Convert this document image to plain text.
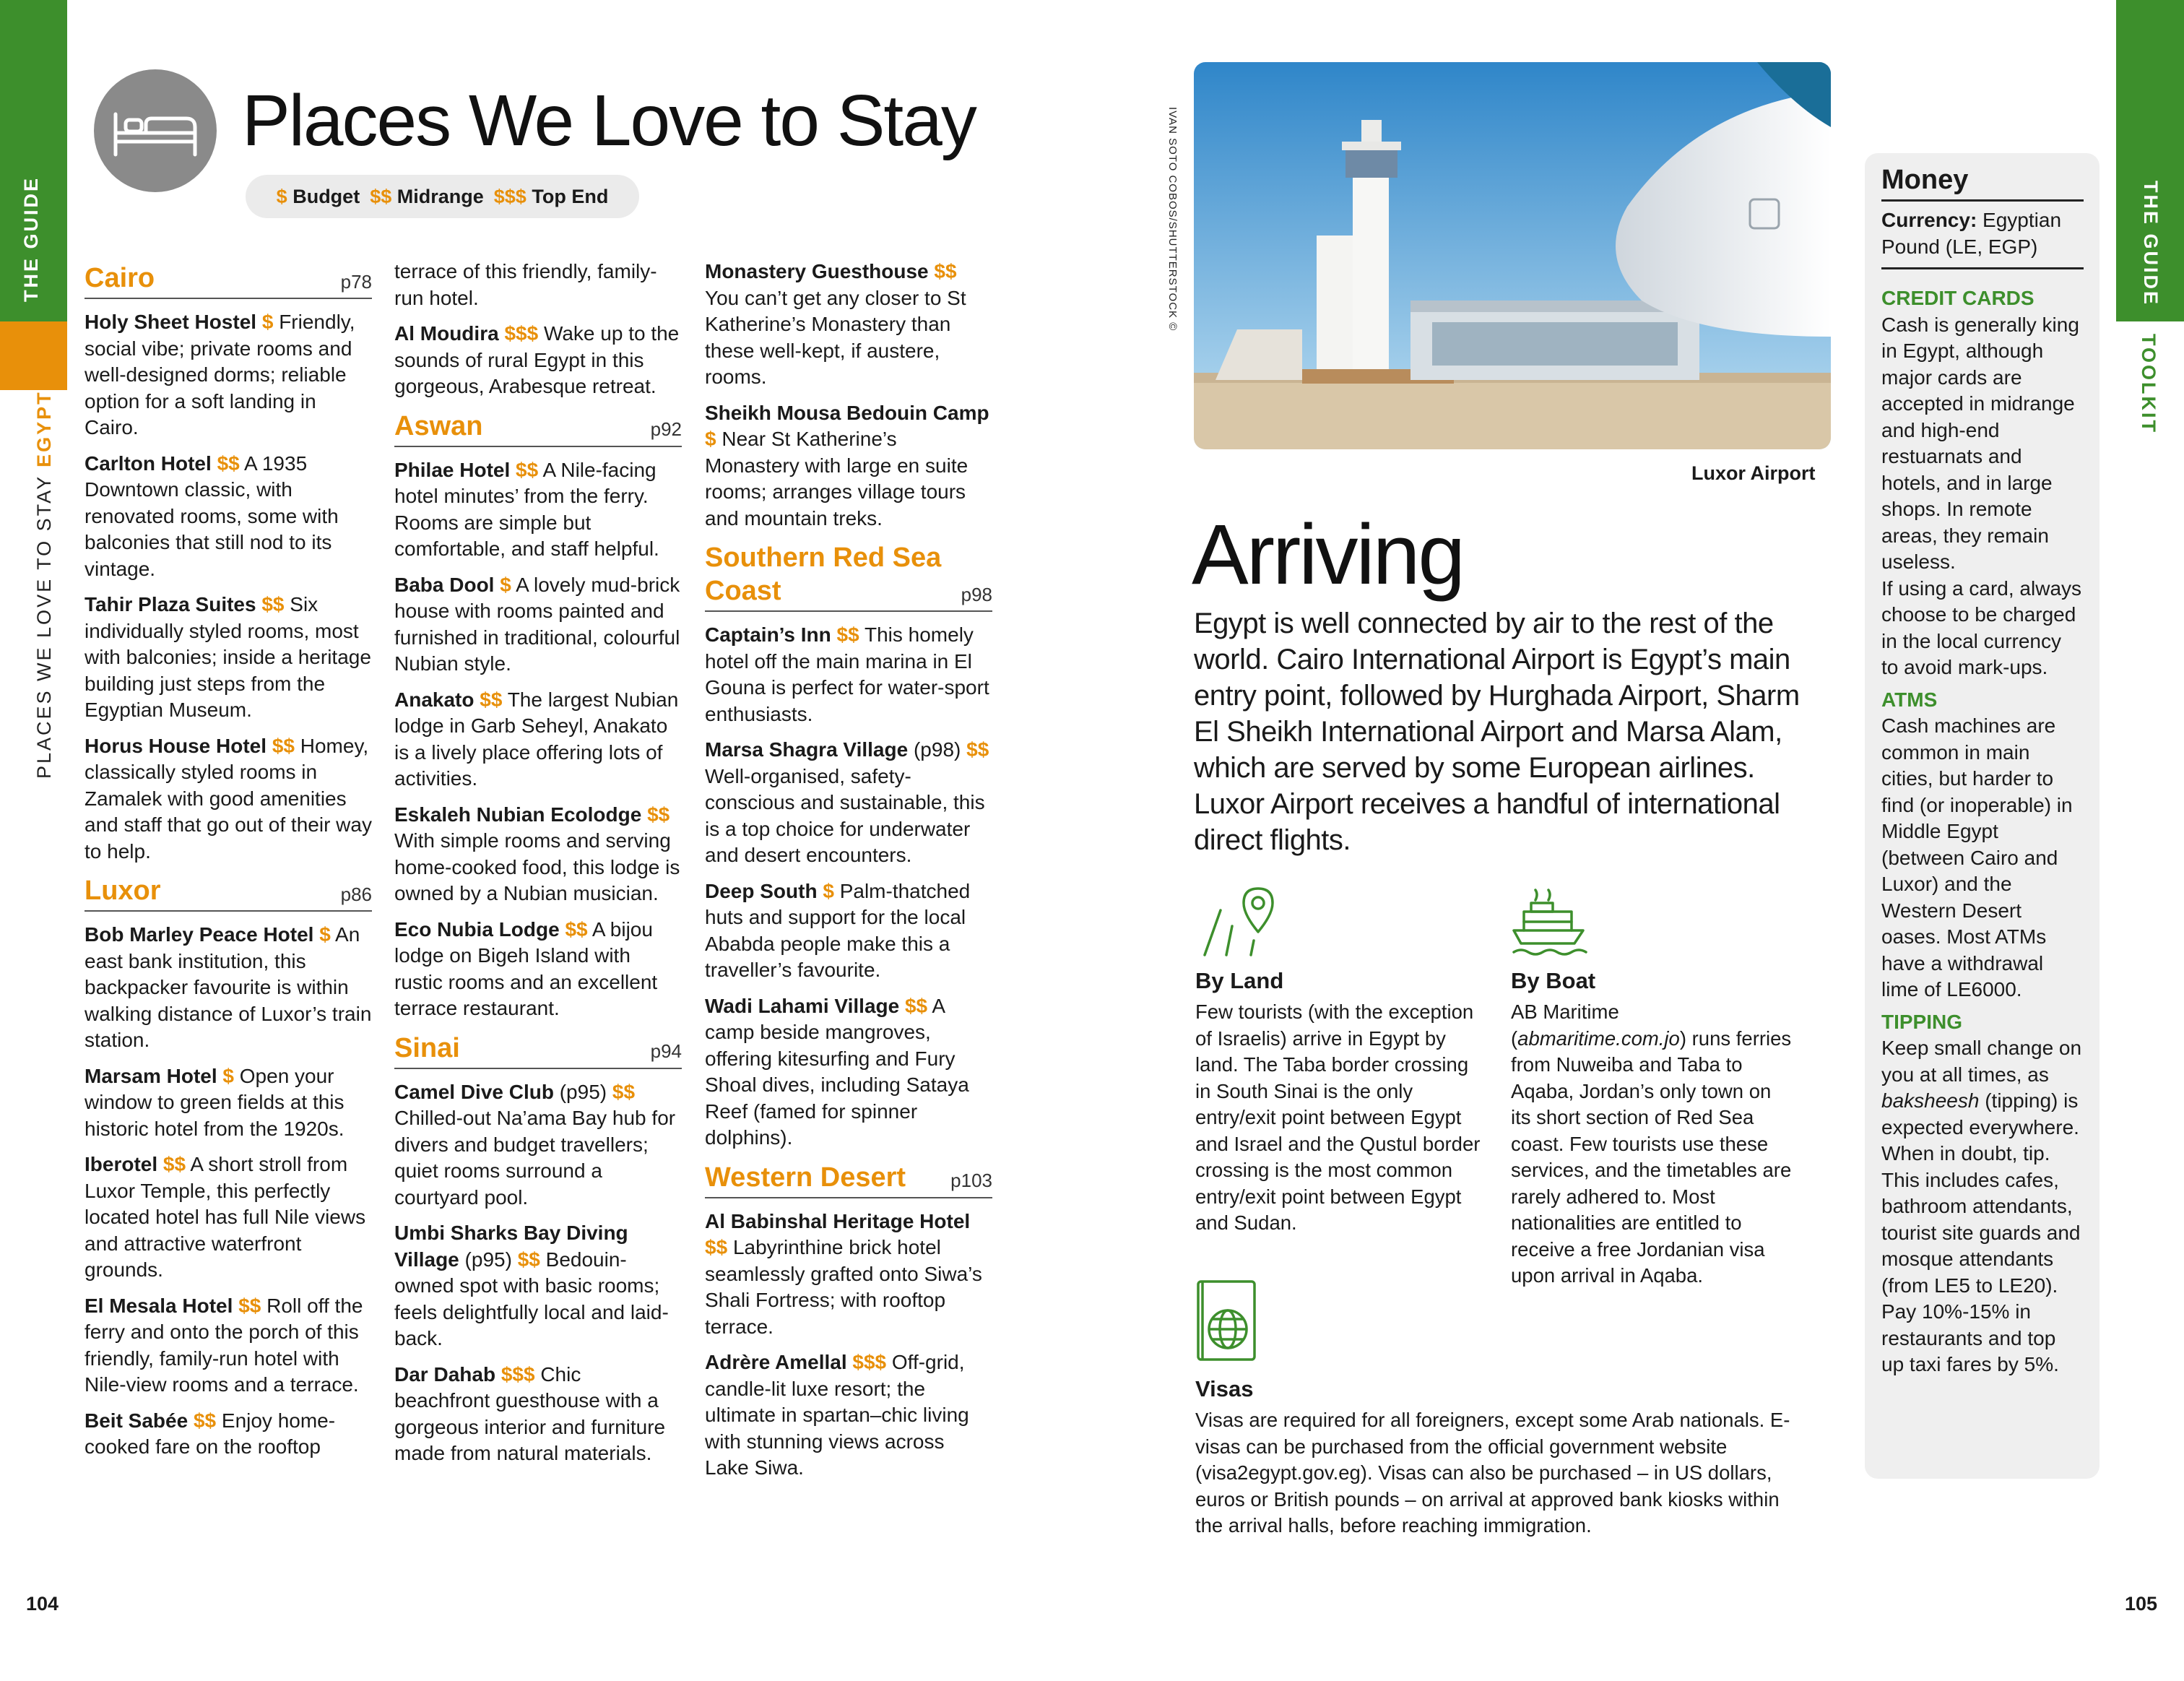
THE GUIDE
PLACES WE LOVE TO STAY EGYPT
THE GUIDE
TOOLKIT
Places We Love to Stay
$ Budget $$ Midrange $$$ Top End
Cairo	p78

Holy Sheet Hostel $ Friendly, social vibe; private rooms and well-designed dorms; reliable option for a soft landing in Cairo.

Carlton Hotel $$ A 1935 Downtown classic, with renovated rooms, some with balconies that still nod to its vintage.

Tahir Plaza Suites $$ Six individually styled rooms, most with balconies; inside a heritage building just steps from the Egyptian Museum.

Horus House Hotel $$ Homey, classically styled rooms in Zamalek with good amenities and staff that go out of their way to help.

Luxor	p86

Bob Marley Peace Hotel $ An east bank institution, this backpacker favourite is within walking distance of Luxor’s train station.

Marsam Hotel $ Open your window to green fields at this historic hotel from the 1920s.

Iberotel $$ A short stroll from Luxor Temple, this perfectly located hotel has full Nile views and attractive waterfront grounds.

El Mesala Hotel $$ Roll off the ferry and onto the porch of this friendly, family-run hotel with Nile-view rooms and a terrace.

Beit Sabée $$ Enjoy home-cooked fare on the rooftop

terrace of this friendly, family-run hotel.

Al Moudira $$$ Wake up to the sounds of rural Egypt in this gorgeous, Arabesque retreat.

Aswan	p92

Philae Hotel $$ A Nile-facing hotel minutes’ from the ferry. Rooms are simple but comfortable, and staff helpful.

Baba Dool $ A lovely mud-brick house with rooms painted and furnished in traditional, colourful Nubian style.

Anakato $$ The largest Nubian lodge in Garb Seheyl, Anakato is a lively place offering lots of activities.

Eskaleh Nubian Ecolodge $$ With simple rooms and serving home-cooked food, this lodge is owned by a Nubian musician.

Eco Nubia Lodge $$ A bijou lodge on Bigeh Island with rustic rooms and an excellent terrace restaurant.

Sinai	p94

Camel Dive Club (p95) $$ Chilled-out Na’ama Bay hub for divers and budget travellers; quiet rooms surround a courtyard pool.

Umbi Sharks Bay Diving Village (p95) $$ Bedouin-owned spot with basic rooms; feels delightfully local and laid-back.

Dar Dahab $$$ Chic beachfront guesthouse with a gorgeous interior and furniture made from natural materials.

Monastery Guesthouse $$ You can’t get any closer to St Katherine’s Monastery than these well-kept, if austere, rooms.

Sheikh Mousa Bedouin Camp $ Near St Katherine’s Monastery with large en suite rooms; arranges village tours and mountain treks.

Southern Red Sea Coast	p98

Captain’s Inn $$ This homely hotel off the main marina in El Gouna is perfect for water-sport enthusiasts.

Marsa Shagra Village (p98) $$ Well-organised, safety-conscious and sustainable, this is a top choice for underwater and desert encounters.

Deep South $ Palm-thatched huts and support for the local Ababda people make this a traveller’s favourite.

Wadi Lahami Village $$ A camp beside mangroves, offering kitesurfing and Fury Shoal dives, including Sataya Reef (famed for spinner dolphins).

Western Desert p103

Al Babinshal Heritage Hotel $$ Labyrinthine brick hotel seamlessly grafted onto Siwa’s Shali Fortress; with rooftop terrace.

Adrère Amellal $$$ Off-grid, candle-lit luxe resort; the ultimate in spartan–chic living with stunning views across Lake Siwa.

IVAN SOTO COBOS/SHUTTERSTOCK ©
Luxor Airport
Arriving
Egypt is well connected by air to the rest of the world. Cairo International Airport is Egypt’s main entry point, followed by Hurghada Airport, Sharm El Sheikh International Airport and Marsa Alam, which are served by some European airlines. Luxor Airport receives a handful of international direct flights.
By Land
Few tourists (with the exception of Israelis) arrive in Egypt by land. The Taba border crossing in South Sinai is the only entry/exit point between Egypt and Israel and the Qustul border crossing is the most common entry/exit point between Egypt and Sudan.
By Boat
AB Maritime (abmaritime.com.jo) runs ferries from Nuweiba and Taba to Aqaba, Jordan’s only town on its short section of Red Sea coast. Few tourists use these services, and the timetables are rarely adhered to. Most nationalities are entitled to receive a free Jordanian visa upon arrival in Aqaba.
Visas
Visas are required for all foreigners, except some Arab nationals. E-visas can be purchased from the official government website (visa2egypt.gov.eg). Visas can also be purchased – in US dollars, euros or British pounds – on arrival at approved bank kiosks within the arrival halls, before reaching immigration.
Money
Currency: Egyptian Pound (LE, EGP)
CREDIT CARDS
Cash is generally king in Egypt, although major cards are accepted in midrange and high-end restuarnats and hotels, and in large shops. In remote areas, they remain useless.
If using a card, always choose to be charged in the local currency to avoid mark-ups.
ATMS
Cash machines are common in main cities, but harder to find (or inoperable) in Middle Egypt (between Cairo and Luxor) and the Western Desert oases. Most ATMs have a withdrawal lime of LE6000.
TIPPING
Keep small change on you at all times, as baksheesh (tipping) is expected everywhere.
When in doubt, tip. This includes cafes, bathroom attendants, tourist site guards and mosque attendants (from LE5 to LE20). Pay 10%-15% in restaurants and top up taxi fares by 5%.
104	105
